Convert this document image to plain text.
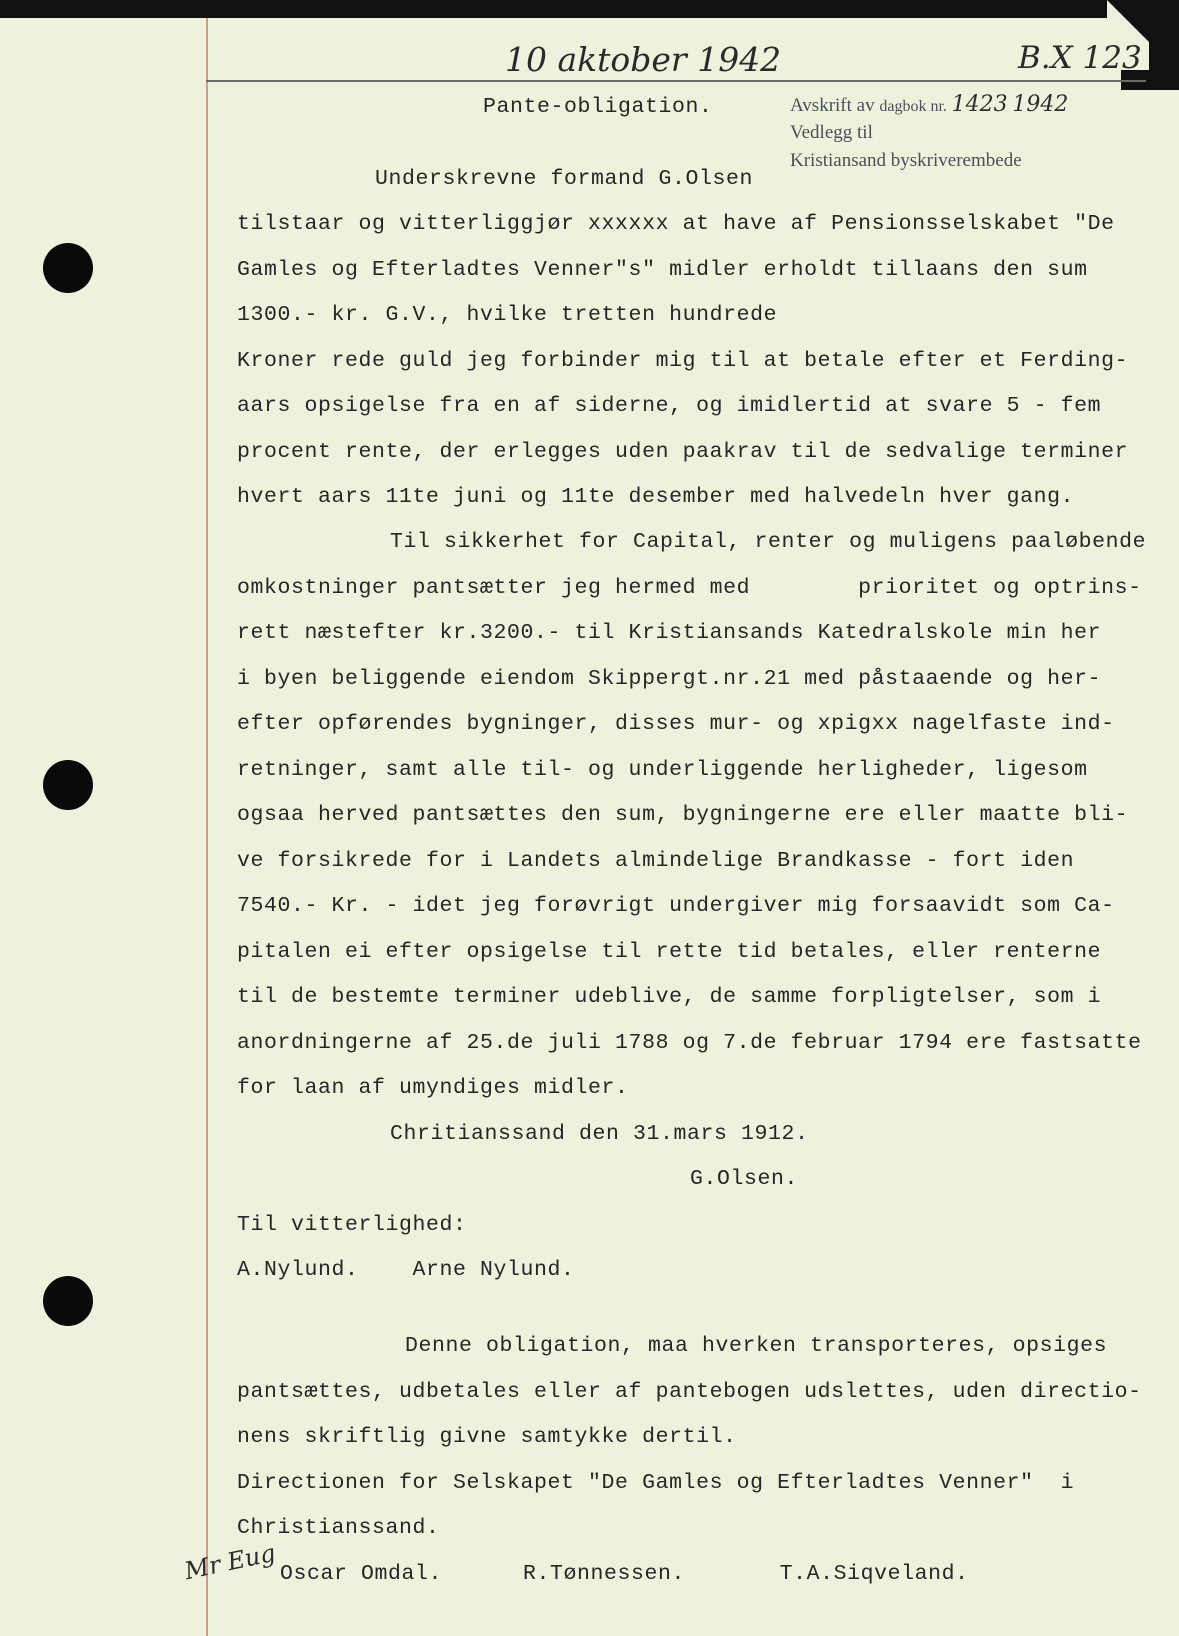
10 aktober 1942	B.X 123
Avskrift av dagbok nr. 1423 1942
Vedlegg til
Kristiansand byskriverembede
Pante-obligation.
Underskrevne formand G.Olsen
tilstaar og vitterliggjør xxxxxx at have af Pensionsselskabet "De
Gamles og Efterladtes Venner"s" midler erholdt tillaans den sum
1300.- kr. G.V., hvilke tretten hundrede
Kroner rede guld jeg forbinder mig til at betale efter et Ferding-
aars opsigelse fra en af siderne, og imidlertid at svare 5 - fem
procent rente, der erlegges uden paakrav til de sedvalige terminer
hvert aars 11te juni og 11te desember med halvedeln hver gang.
Til sikkerhet for Capital, renter og muligens paaløbende
omkostninger pantsætter jeg hermed med        prioritet og optrins-
rett næstefter kr.3200.- til Kristiansands Katedralskole min her
i byen beliggende eiendom Skippergt.nr.21 med påstaaende og her-
efter opførendes bygninger, disses mur- og xpigxx nagelfaste ind-
retninger, samt alle til- og underliggende herligheder, ligesom
ogsaa herved pantsættes den sum, bygningerne ere eller maatte bli-
ve forsikrede for i Landets almindelige Brandkasse - fort iden
7540.- Kr. - idet jeg forøvrigt undergiver mig forsaavidt som Ca-
pitalen ei efter opsigelse til rette tid betales, eller renterne
til de bestemte terminer udeblive, de samme forpligtelser, som i
anordningerne af 25.de juli 1788 og 7.de februar 1794 ere fastsatte
for laan af umyndiges midler.
Chritianssand den 31.mars 1912.
G.Olsen.
Til vitterlighed:
A.Nylund.    Arne Nylund.
Denne obligation, maa hverken transporteres, opsiges
pantsættes, udbetales eller af pantebogen udslettes, uden directio-
nens skriftlig givne samtykke dertil.
Directionen for Selskapet "De Gamles og Efterladtes Venner"  i
Christianssand.
Oscar Omdal.      R.Tønnessen.       T.A.Siqveland.
Mr Eug
